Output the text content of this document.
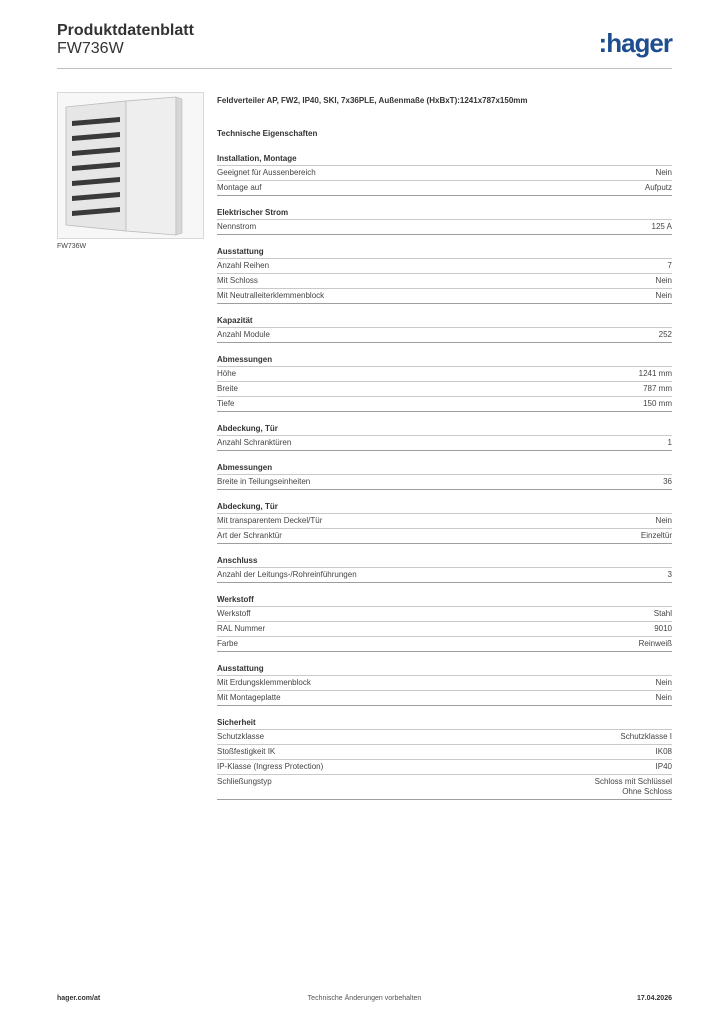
Produktdatenblatt
FW736W	:hager
FW736W
Feldverteiler AP, FW2, IP40, SKI, 7x36PLE, Außenmaße (HxBxT):1241x787x150mm
Technische Eigenschaften
Installation, Montage
Geeignet für Aussenbereich	Nein
Montage auf	Aufputz
Elektrischer Strom
Nennstrom	125 A
Ausstattung
Anzahl Reihen	7
Mit Schloss	Nein
Mit Neutralleiterklemmenblock	Nein
Kapazität
Anzahl Module	252
Abmessungen
Höhe	1241 mm
Breite	787 mm
Tiefe	150 mm
Abdeckung, Tür
Anzahl Schranktüren	1
Abmessungen
Breite in Teilungseinheiten	36
Abdeckung, Tür
Mit transparentem Deckel/Tür	Nein
Art der Schranktür	Einzeltür
Anschluss
Anzahl der Leitungs-/Rohreinführungen	3
Werkstoff
Werkstoff	Stahl
RAL Nummer	9010
Farbe	Reinweiß
Ausstattung
Mit Erdungsklemmenblock	Nein
Mit Montageplatte	Nein
Sicherheit
Schutzklasse	Schutzklasse I
Stoßfestigkeit IK	IK08
IP-Klasse (Ingress Protection)	IP40
Schließungstyp	Schloss mit Schlüssel
Ohne Schloss
hager.com/at	Technische Änderungen vorbehalten	17.04.2026
